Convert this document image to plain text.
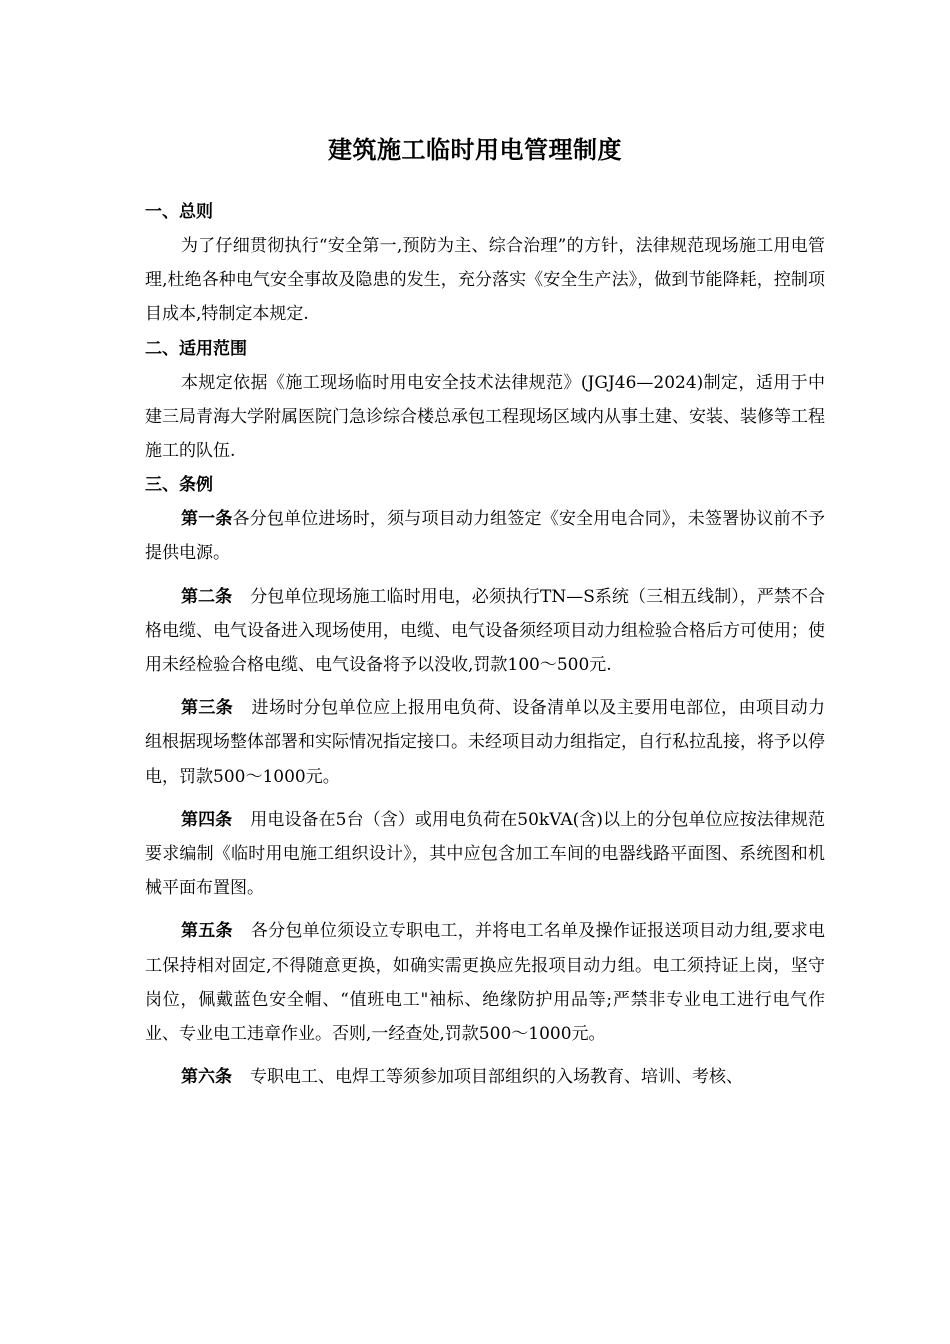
建筑施工临时用电管理制度
一、总则

为了仔细贯彻执行“安全第一,预防为主、综合治理”的方针，法律规范现场施工用电管理,杜绝各种电气安全事故及隐患的发生，充分落实《安全生产法》，做到节能降耗，控制项目成本,特制定本规定.

二、适用范围

本规定依据《施工现场临时用电安全技术法律规范》(JGJ46—2024)制定，适用于中建三局青海大学附属医院门急诊综合楼总承包工程现场区域内从事土建、安装、装修等工程施工的队伍.

三、条例

第一条各分包单位进场时，须与项目动力组签定《安全用电合同》，未签署协议前不予提供电源。

第二条 分包单位现场施工临时用电，必须执行TN—S系统（三相五线制），严禁不合格电缆、电气设备进入现场使用，电缆、电气设备须经项目动力组检验合格后方可使用；使用未经检验合格电缆、电气设备将予以没收,罚款100～500元.

第三条 进场时分包单位应上报用电负荷、设备清单以及主要用电部位，由项目动力组根据现场整体部署和实际情况指定接口。未经项目动力组指定，自行私拉乱接，将予以停电，罚款500～1000元。

第四条 用电设备在5台（含）或用电负荷在50kVA(含)以上的分包单位应按法律规范要求编制《临时用电施工组织设计》，其中应包含加工车间的电器线路平面图、系统图和机械平面布置图。

第五条 各分包单位须设立专职电工，并将电工名单及操作证报送项目动力组,要求电工保持相对固定,不得随意更换，如确实需更换应先报项目动力组。电工须持证上岗，坚守岗位，佩戴蓝色安全帽、“值班电工"袖标、绝缘防护用品等;严禁非专业电工进行电气作业、专业电工违章作业。否则,一经查处,罚款500～1000元。

第六条 专职电工、电焊工等须参加项目部组织的入场教育、培训、考核、
